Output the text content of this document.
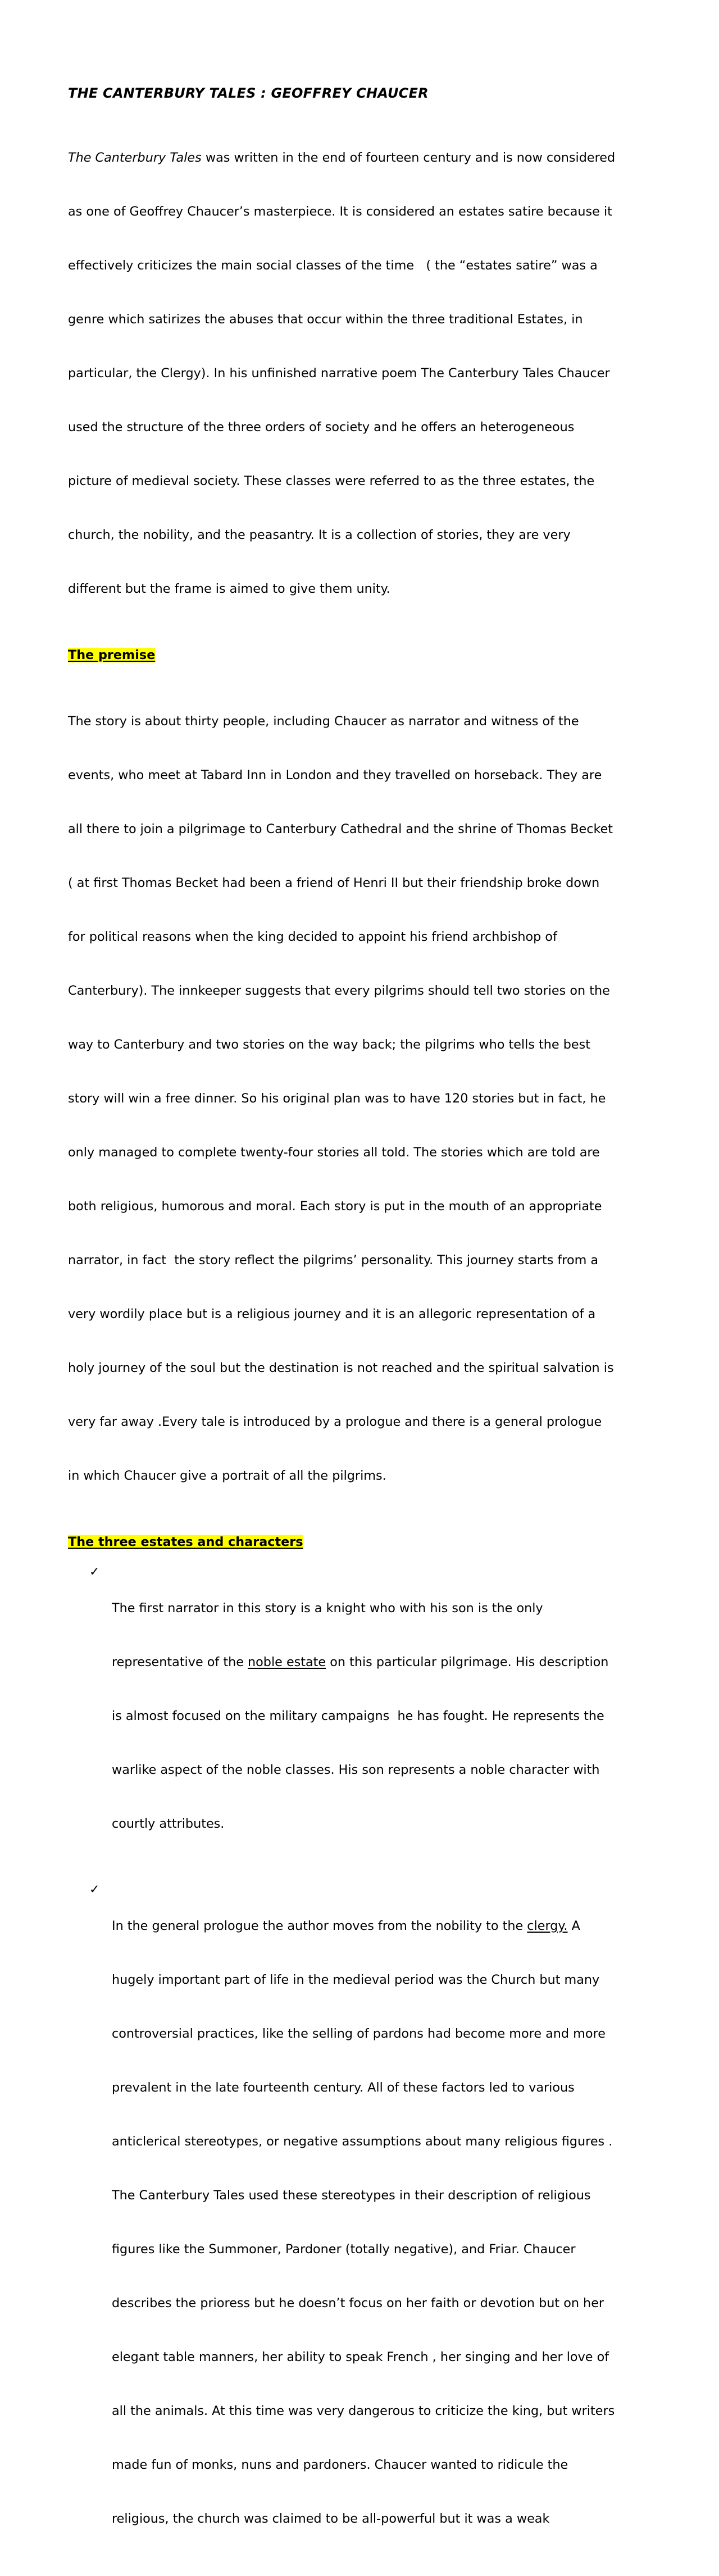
THE CANTERBURY TALES : GEOFFREY CHAUCER

The Canterbury Tales was written in the end of fourteen century and is now considered

as one of Geoffrey Chaucer’s masterpiece. It is considered an estates satire because it

effectively criticizes the main social classes of the time   ( the “estates satire” was a

genre which satirizes the abuses that occur within the three traditional Estates, in

particular, the Clergy). In his unfinished narrative poem The Canterbury Tales Chaucer

used the structure of the three orders of society and he offers an heterogeneous

picture of medieval society. These classes were referred to as the three estates, the

church, the nobility, and the peasantry. It is a collection of stories, they are very

different but the frame is aimed to give them unity.

The premise

The story is about thirty people, including Chaucer as narrator and witness of the

events, who meet at Tabard Inn in London and they travelled on horseback. They are

all there to join a pilgrimage to Canterbury Cathedral and the shrine of Thomas Becket

( at first Thomas Becket had been a friend of Henri II but their friendship broke down

for political reasons when the king decided to appoint his friend archbishop of

Canterbury). The innkeeper suggests that every pilgrims should tell two stories on the

way to Canterbury and two stories on the way back; the pilgrims who tells the best

story will win a free dinner. So his original plan was to have 120 stories but in fact, he

only managed to complete twenty-four stories all told. The stories which are told are

both religious, humorous and moral. Each story is put in the mouth of an appropriate

narrator, in fact  the story reflect the pilgrims’ personality. This journey starts from a

very wordily place but is a religious journey and it is an allegoric representation of a

holy journey of the soul but the destination is not reached and the spiritual salvation is

very far away .Every tale is introduced by a prologue and there is a general prologue

in which Chaucer give a portrait of all the pilgrims.

The three estates and characters
✓

The first narrator in this story is a knight who with his son is the only

representative of the noble estate on this particular pilgrimage. His description

is almost focused on the military campaigns  he has fought. He represents the

warlike aspect of the noble classes. His son represents a noble character with

courtly attributes.

✓

In the general prologue the author moves from the nobility to the clergy. A

hugely important part of life in the medieval period was the Church but many

controversial practices, like the selling of pardons had become more and more

prevalent in the late fourteenth century. All of these factors led to various

anticlerical stereotypes, or negative assumptions about many religious figures .

The Canterbury Tales used these stereotypes in their description of religious

figures like the Summoner, Pardoner (totally negative), and Friar. Chaucer

describes the prioress but he doesn’t focus on her faith or devotion but on her

elegant table manners, her ability to speak French , her singing and her love of

all the animals. At this time was very dangerous to criticize the king, but writers

made fun of monks, nuns and pardoners. Chaucer wanted to ridicule the

religious, the church was claimed to be all-powerful but it was a weak
